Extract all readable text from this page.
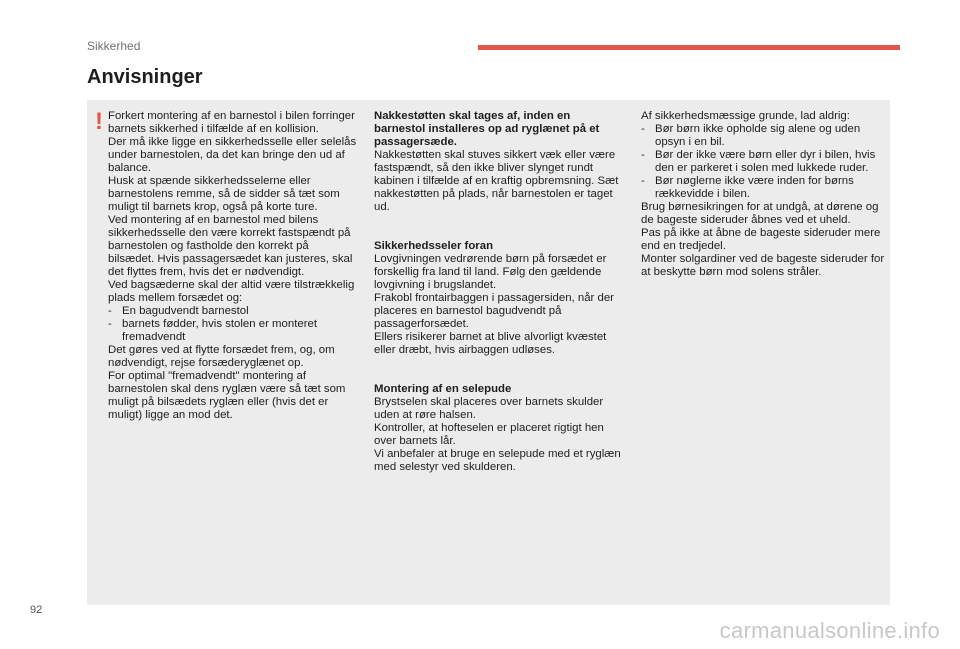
Sikkerhed
Anvisninger
! Forkert montering af en barnestol i bilen forringer barnets sikkerhed i tilfælde af en kollision.

Der må ikke ligge en sikkerhedsselle eller selelås under barnestolen, da det kan bringe den ud af balance.

Husk at spænde sikkerhedsselerne eller barnestolens remme, så de sidder så tæt som muligt til barnets krop, også på korte ture.

Ved montering af en barnestol med bilens sikkerhedsselle den være korrekt fastspændt på barnestolen og fastholde den korrekt på bilsædet. Hvis passagersædet kan justeres, skal det flyttes frem, hvis det er nødvendigt.

Ved bagsæderne skal der altid være tilstrækkelig plads mellem forsædet og:

- En bagudvendt barnestol
- barnets fødder, hvis stolen er monteret fremadvendt

Det gøres ved at flytte forsædet frem, og, om nødvendigt, rejse forsæderyglænet op.

For optimal "fremadvendt" montering af barnestolen skal dens ryglæn være så tæt som muligt på bilsædets ryglæn eller (hvis det er muligt) ligge an mod det.

Nakkestøtten skal tages af, inden en barnestol installeres op ad ryglænet på et passagersæde.

Nakkestøtten skal stuves sikkert væk eller være fastspændt, så den ikke bliver slynget rundt kabinen i tilfælde af en kraftig opbremsning. Sæt nakkestøtten på plads, når barnestolen er taget ud.

Sikkerhedsseler foran

Lovgivningen vedrørende børn på forsædet er forskellig fra land til land. Følg den gældende lovgivning i brugslandet.

Frakobl frontairbaggen i passagersiden, når der placeres en barnestol bagudvendt på passagerforsædet.

Ellers risikerer barnet at blive alvorligt kvæstet eller dræbt, hvis airbaggen udløses.

Montering af en selepude

Brystselen skal placeres over barnets skulder uden at røre halsen.

Kontroller, at hofteselen er placeret rigtigt hen over barnets lår.

Vi anbefaler at bruge en selepude med et ryglæn med selestyr ved skulderen.

Af sikkerhedsmæssige grunde, lad aldrig:

- Bør børn ikke ophold​e sig alene og uden opsyn i en bil.
- Bør der ikke være børn eller dyr i bilen, hvis den er parkeret i solen med lukkede ruder.
- Bør nøglerne ikke være inden for børns rækkevidde i bilen.

Brug børnesikringen for at undgå, at dørene og de bageste sideruder åbnes ved et uheld.

Pas på ikke at åbne de bageste sideruder mere end en tredjedel.

Monter solgardiner ved de bageste sideruder for at beskytte børn mod solens stråler.

92
carmanualsonline.info
